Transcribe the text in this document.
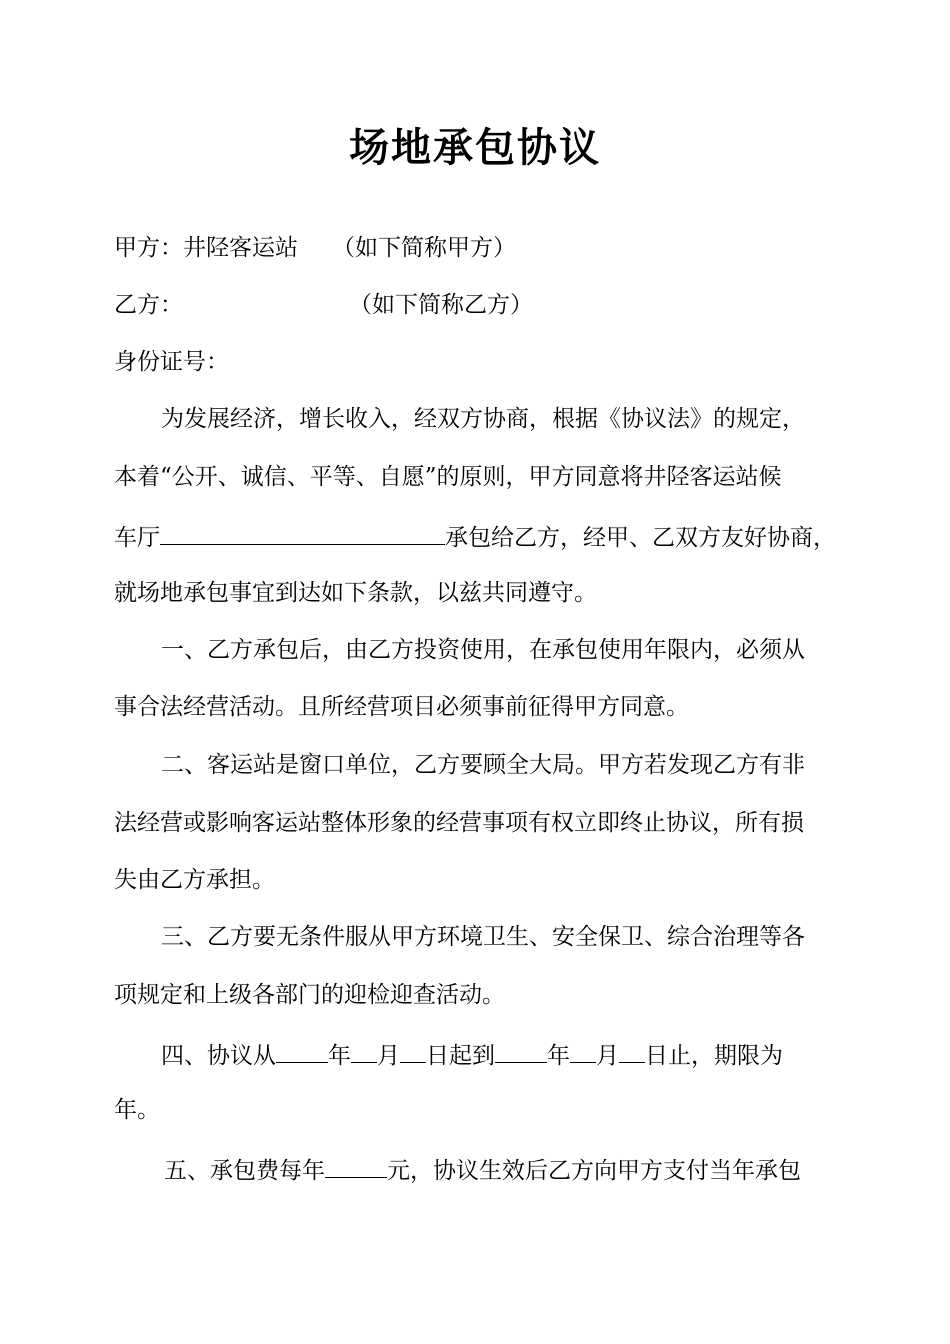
场地承包协议
甲方：井陉客运站 （如下简称甲方）
乙方：	（如下简称乙方）
身份证号：
为发展经济，增长收入，经双方协商，根据《协议法》的规定，
本着“公开、诚信、平等、自愿”的原则，甲方同意将井陉客运站候
车厅	承包给乙方，经甲、乙双方友好协商，
就场地承包事宜到达如下条款，以兹共同遵守。
一、乙方承包后，由乙方投资使用，在承包使用年限内，必须从
事合法经营活动。且所经营项目必须事前征得甲方同意。
二、客运站是窗口单位，乙方要顾全大局。甲方若发现乙方有非
法经营或影响客运站整体形象的经营事项有权立即终止协议，所有损
失由乙方承担。
三、乙方要无条件服从甲方环境卫生、安全保卫、综合治理等各
项规定和上级各部门的迎检迎查活动。
四、协议从 年 月 日起到 年 月 日止，期限为
年。
五、承包费每年	元，协议生效后乙方向甲方支付当年承包
